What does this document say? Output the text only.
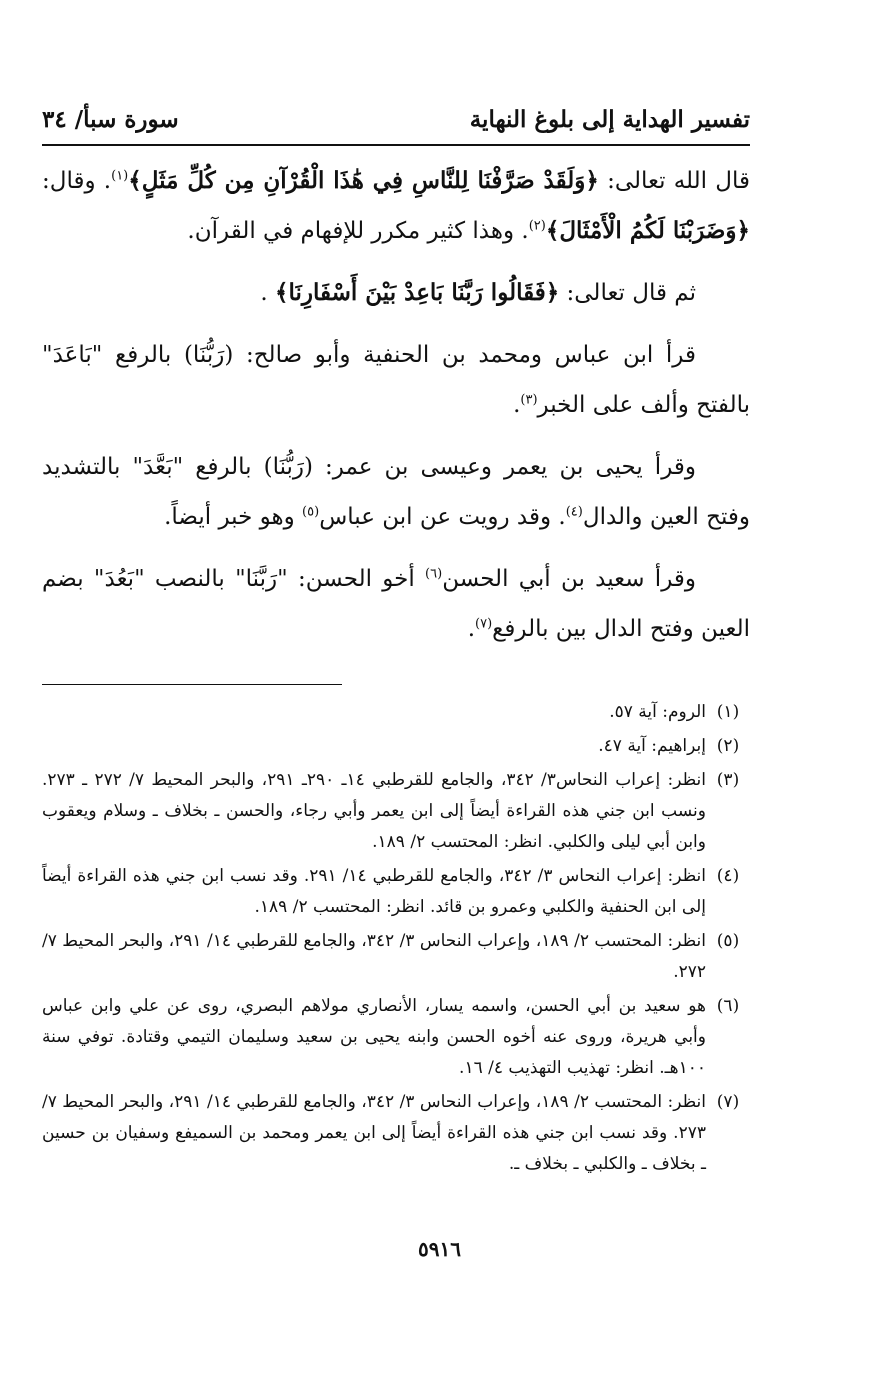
تفسير الهداية إلى بلوغ النهاية
سورة سبأ/ ٣٤

قال الله تعالى: ﴿وَلَقَدْ صَرَّفْنَا لِلنَّاسِ فِي هَٰذَا الْقُرْآنِ مِن كُلِّ مَثَلٍ﴾$^{(١)}$. وقال: ﴿وَضَرَبْنَا لَكُمُ الْأَمْثَالَ﴾$^{(٢)}$. وهذا كثير مكرر للإفهام في القرآن.

ثم قال تعالى: ﴿فَقَالُوا رَبَّنَا بَاعِدْ بَيْنَ أَسْفَارِنَا﴾ .

قرأ ابن عباس ومحمد بن الحنفية وأبو صالح: (رَبُّنَا) بالرفع "بَاعَدَ" بالفتح وألف على الخبر$^{(٣)}$.

وقرأ يحيى بن يعمر وعيسى بن عمر: (رَبُّنَا) بالرفع "بَعَّدَ" بالتشديد وفتح العين والدال$^{(٤)}$. وقد رويت عن ابن عباس$^{(٥)}$ وهو خبر أيضاً.

وقرأ سعيد بن أبي الحسن$^{(٦)}$ أخو الحسن: "رَبَّنَا" بالنصب "بَعُدَ" بضم العين وفتح الدال بين بالرفع$^{(٧)}$.

(١)
الروم: آية ٥٧.
(٢)
إبراهيم: آية ٤٧.
(٣)
انظر: إعراب النحاس٣/ ٣٤٢، والجامع للقرطبي ١٤ـ ٢٩٠ـ ٢٩١، والبحر المحيط ٧/ ٢٧٢ ـ ٢٧٣. ونسب ابن جني هذه القراءة أيضاً إلى ابن يعمر وأبي رجاء، والحسن ـ بخلاف ـ وسلام ويعقوب وابن أبي ليلى والكلبي. انظر: المحتسب ٢/ ١٨٩.
(٤)
انظر: إعراب النحاس ٣/ ٣٤٢، والجامع للقرطبي ١٤/ ٢٩١. وقد نسب ابن جني هذه القراءة أيضاً إلى ابن الحنفية والكلبي وعمرو بن قائد. انظر: المحتسب ٢/ ١٨٩.
(٥)
انظر: المحتسب ٢/ ١٨٩، وإعراب النحاس ٣/ ٣٤٢، والجامع للقرطبي ١٤/ ٢٩١، والبحر المحيط ٧/ ٢٧٢.
(٦)
هو سعيد بن أبي الحسن، واسمه يسار، الأنصاري مولاهم البصري، روى عن علي وابن عباس وأبي هريرة، وروى عنه أخوه الحسن وابنه يحيى بن سعيد وسليمان التيمي وقتادة. توفي سنة ١٠٠هـ. انظر: تهذيب التهذيب ٤/ ١٦.
(٧)
انظر: المحتسب ٢/ ١٨٩، وإعراب النحاس ٣/ ٣٤٢، والجامع للقرطبي ١٤/ ٢٩١، والبحر المحيط ٧/ ٢٧٣. وقد نسب ابن جني هذه القراءة أيضاً إلى ابن يعمر ومحمد بن السميفع وسفيان بن حسين ـ بخلاف ـ والكلبي ـ بخلاف ـ.
٥٩١٦
